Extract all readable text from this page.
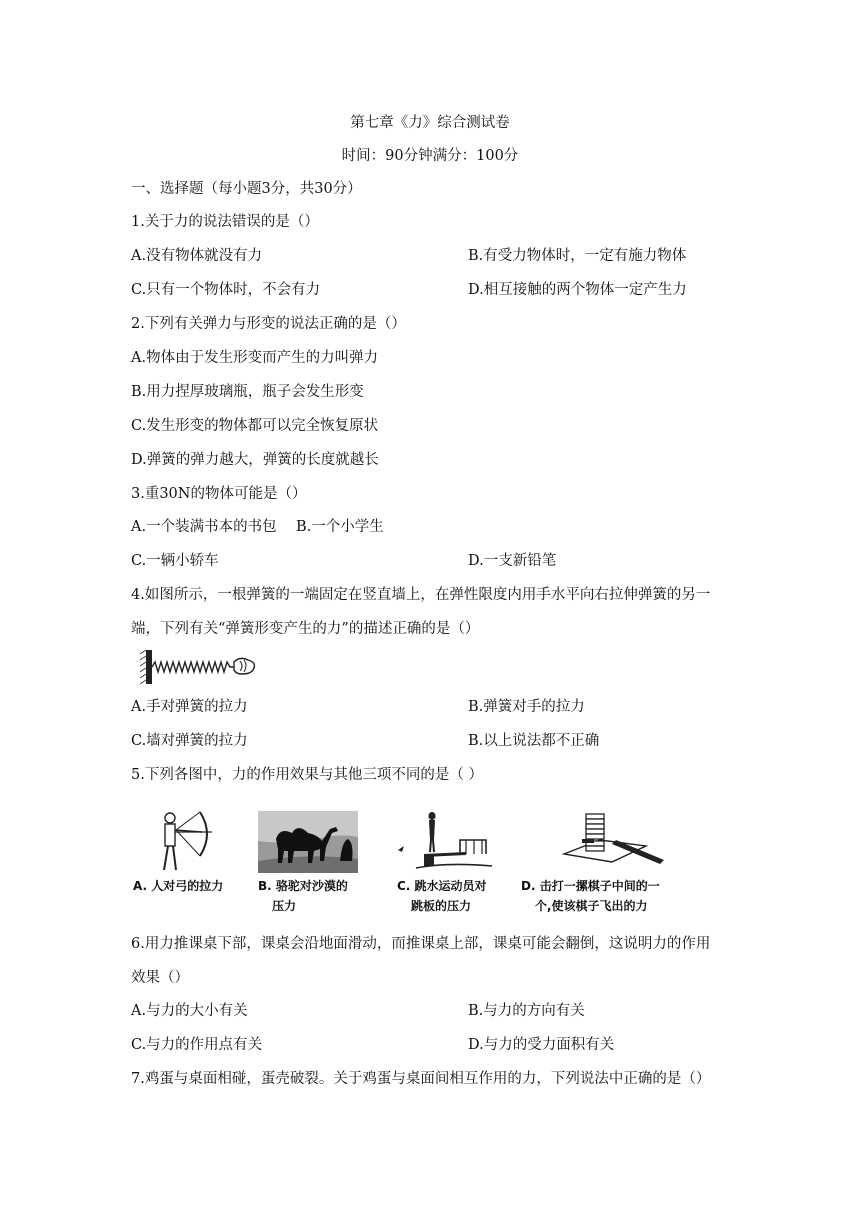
第七章《力》综合测试卷
时间：90分钟满分：100分
一、选择题（每小题3分，共30分）
1.关于力的说法错误的是（）
A.没有物体就没有力	B.有受力物体时，一定有施力物体
C.只有一个物体时，不会有力	D.相互接触的两个物体一定产生力
2.下列有关弹力与形变的说法正确的是（）
A.物体由于发生形变而产生的力叫弹力
B.用力捏厚玻璃瓶，瓶子会发生形变
C.发生形变的物体都可以完全恢复原状
D.弹簧的弹力越大，弹簧的长度就越长
3.重30N的物体可能是（）
A.一个装满书本的书包 B.一个小学生
C.一辆小轿车	D.一支新铅笔
4.如图所示，一根弹簧的一端固定在竖直墙上，在弹性限度内用手水平向右拉伸弹簧的另一
端，下列有关“弹簧形变产生的力”的描述正确的是（）
A.手对弹簧的拉力	B.弹簧对手的拉力
C.墙对弹簧的拉力	B.以上说法都不正确
5.下列各图中，力的作用效果与其他三项不同的是（ ）
A. 人对弓的拉力	B. 骆驼对沙漠的
压力
C. 跳水运动员对
跳板的压力
D. 击打一摞棋子中间的一
个,使该棋子飞出的力
6.用力推课桌下部，课桌会沿地面滑动，而推课桌上部，课桌可能会翻倒，这说明力的作用
效果（）
A.与力的大小有关	B.与力的方向有关
C.与力的作用点有关	D.与力的受力面积有关
7.鸡蛋与桌面相碰，蛋壳破裂。关于鸡蛋与桌面间相互作用的力，下列说法中正确的是（）
